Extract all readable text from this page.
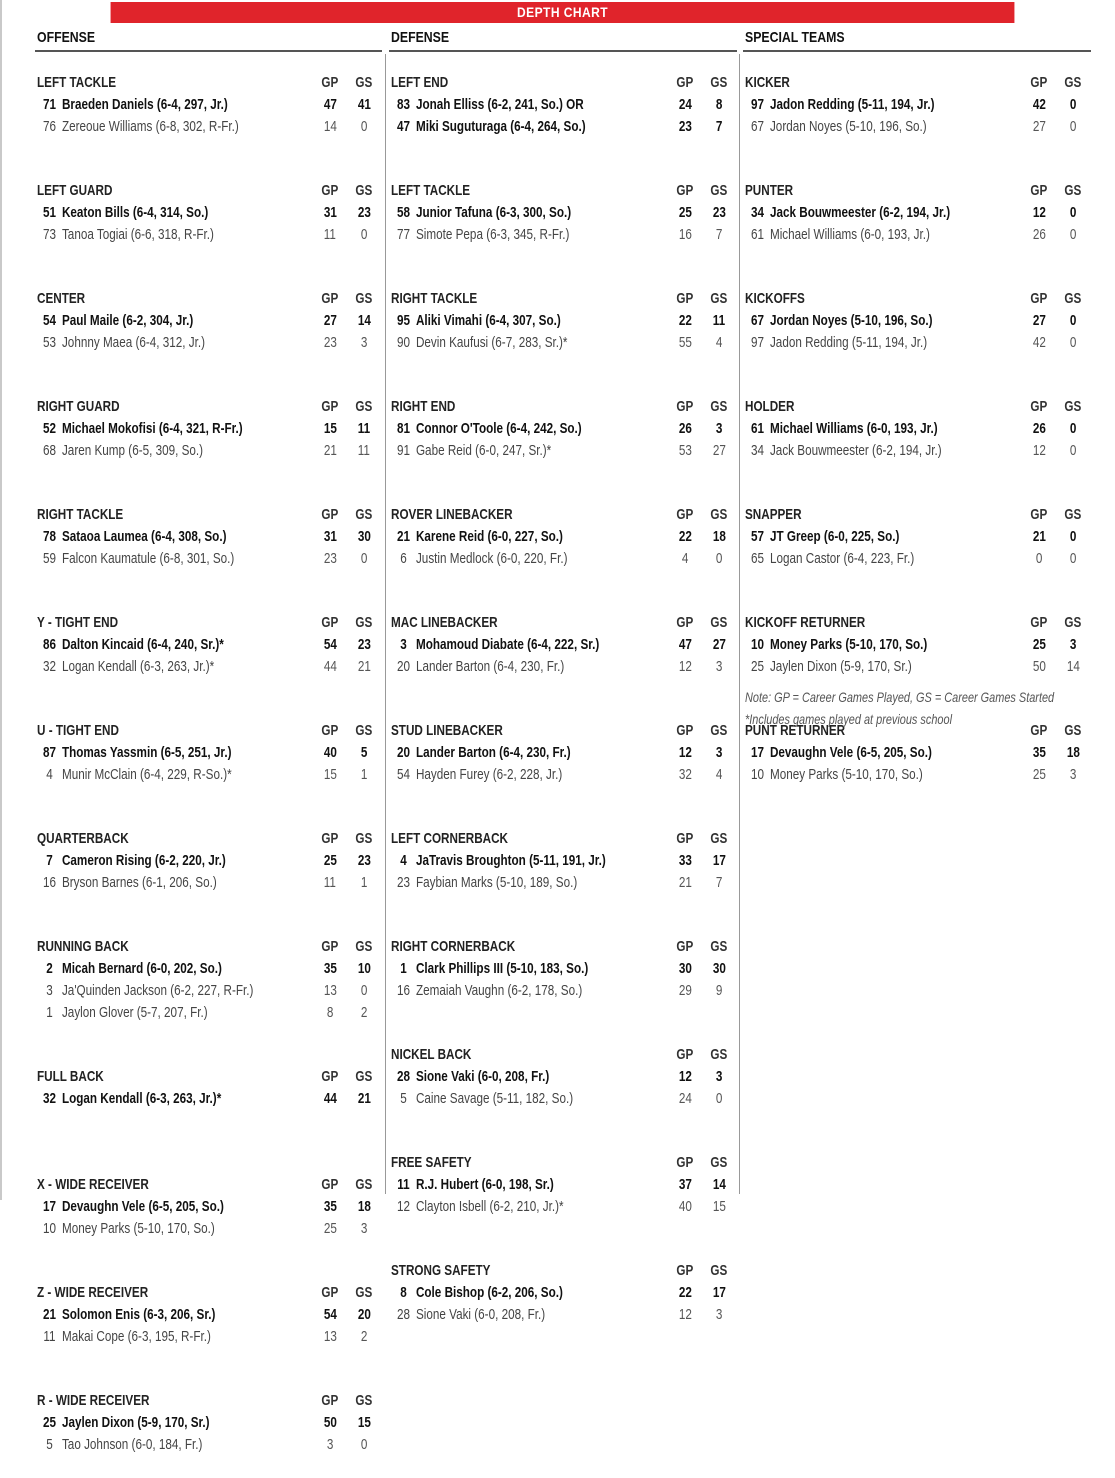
DEPTH CHART
OFFENSE
LEFT TACKLE	GP	GS
71 Braeden Daniels (6-4, 297, Jr.)	47	41
76 Zereoue Williams (6-8, 302, R-Fr.)	14	0
LEFT GUARD	GP	GS
51 Keaton Bills (6-4, 314, So.)	31	23
73 Tanoa Togiai (6-6, 318, R-Fr.)	11	0
CENTER	GP	GS
54 Paul Maile (6-2, 304, Jr.)	27	14
53 Johnny Maea (6-4, 312, Jr.)	23	3
RIGHT GUARD	GP	GS
52 Michael Mokofisi (6-4, 321, R-Fr.)	15	11
68 Jaren Kump (6-5, 309, So.)	21	11
RIGHT TACKLE	GP	GS
78 Sataoa Laumea (6-4, 308, So.)	31	30
59 Falcon Kaumatule (6-8, 301, So.)	23	0
Y - TIGHT END	GP	GS
86 Dalton Kincaid (6-4, 240, Sr.)*	54	23
32 Logan Kendall (6-3, 263, Jr.)*	44	21
U - TIGHT END	GP	GS
87 Thomas Yassmin (6-5, 251, Jr.)	40	5
4 Munir McClain (6-4, 229, R-So.)*	15	1
QUARTERBACK	GP	GS
7 Cameron Rising (6-2, 220, Jr.)	25	23
16 Bryson Barnes (6-1, 206, So.)	11	1
RUNNING BACK	GP	GS
2 Micah Bernard (6-0, 202, So.)	35	10
3 Ja'Quinden Jackson (6-2, 227, R-Fr.)	13	0
1 Jaylon Glover (5-7, 207, Fr.)	8	2
FULL BACK	GP	GS
32 Logan Kendall (6-3, 263, Jr.)*	44	21
X - WIDE RECEIVER	GP	GS
17 Devaughn Vele (6-5, 205, So.)	35	18
10 Money Parks (5-10, 170, So.)	25	3
Z - WIDE RECEIVER	GP	GS
21 Solomon Enis (6-3, 206, Sr.)	54	20
11 Makai Cope (6-3, 195, R-Fr.)	13	2
R - WIDE RECEIVER	GP	GS
25 Jaylen Dixon (5-9, 170, Sr.)	50	15
5 Tao Johnson (6-0, 184, Fr.)	3	0
DEFENSE
LEFT END	GP	GS
83 Jonah Elliss (6-2, 241, So.) OR	24	8
47 Miki Suguturaga (6-4, 264, So.)	23	7
LEFT TACKLE	GP	GS
58 Junior Tafuna (6-3, 300, So.)	25	23
77 Simote Pepa (6-3, 345, R-Fr.)	16	7
RIGHT TACKLE	GP	GS
95 Aliki Vimahi (6-4, 307, So.)	22	11
90 Devin Kaufusi (6-7, 283, Sr.)*	55	4
RIGHT END	GP	GS
81 Connor O'Toole (6-4, 242, So.)	26	3
91 Gabe Reid (6-0, 247, Sr.)*	53	27
ROVER LINEBACKER	GP	GS
21 Karene Reid (6-0, 227, So.)	22	18
6 Justin Medlock (6-0, 220, Fr.)	4	0
MAC LINEBACKER	GP	GS
3 Mohamoud Diabate (6-4, 222, Sr.)	47	27
20 Lander Barton (6-4, 230, Fr.)	12	3
STUD LINEBACKER	GP	GS
20 Lander Barton (6-4, 230, Fr.)	12	3
54 Hayden Furey (6-2, 228, Jr.)	32	4
LEFT CORNERBACK	GP	GS
4 JaTravis Broughton (5-11, 191, Jr.)	33	17
23 Faybian Marks (5-10, 189, So.)	21	7
RIGHT CORNERBACK	GP	GS
1 Clark Phillips III (5-10, 183, So.)	30	30
16 Zemaiah Vaughn (6-2, 178, So.)	29	9
NICKEL BACK	GP	GS
28 Sione Vaki (6-0, 208, Fr.)	12	3
5 Caine Savage (5-11, 182, So.)	24	0
FREE SAFETY	GP	GS
11 R.J. Hubert (6-0, 198, Sr.)	37	14
12 Clayton Isbell (6-2, 210, Jr.)*	40	15
STRONG SAFETY	GP	GS
8 Cole Bishop (6-2, 206, So.)	22	17
28 Sione Vaki (6-0, 208, Fr.)	12	3
SPECIAL TEAMS
KICKER	GP	GS
97 Jadon Redding (5-11, 194, Jr.)	42	0
67 Jordan Noyes (5-10, 196, So.)	27	0
PUNTER	GP	GS
34 Jack Bouwmeester (6-2, 194, Jr.)	12	0
61 Michael Williams (6-0, 193, Jr.)	26	0
KICKOFFS	GP	GS
67 Jordan Noyes (5-10, 196, So.)	27	0
97 Jadon Redding (5-11, 194, Jr.)	42	0
HOLDER	GP	GS
61 Michael Williams (6-0, 193, Jr.)	26	0
34 Jack Bouwmeester (6-2, 194, Jr.)	12	0
SNAPPER	GP	GS
57 JT Greep (6-0, 225, So.)	21	0
65 Logan Castor (6-4, 223, Fr.)	0	0
KICKOFF RETURNER	GP	GS
10 Money Parks (5-10, 170, So.)	25	3
25 Jaylen Dixon (5-9, 170, Sr.)	50	14
PUNT RETURNER	GP	GS
17 Devaughn Vele (6-5, 205, So.)	35	18
10 Money Parks (5-10, 170, So.)	25	3
Note: GP = Career Games Played, GS = Career Games Started
*Includes games played at previous school
